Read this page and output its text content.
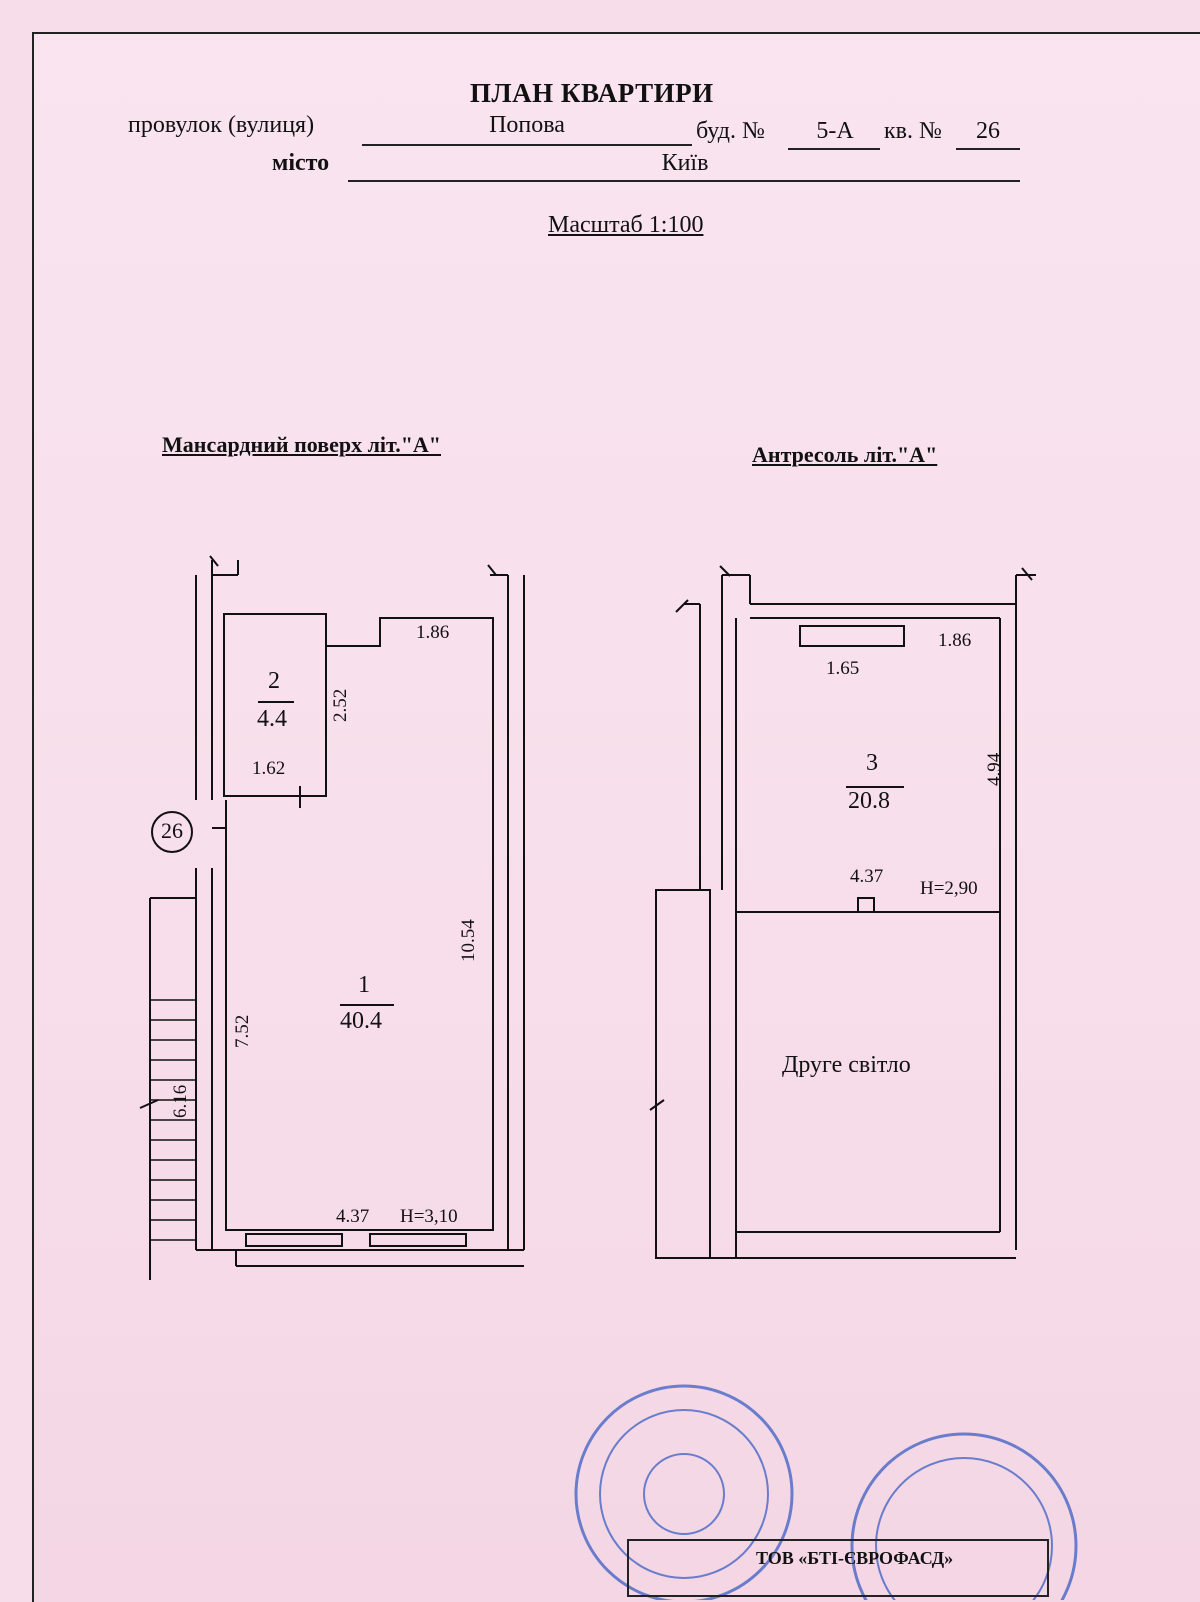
ПЛАН КВАРТИРИ
провулок (вулиця)	Попова	буд. №	5-А	кв. №	26
місто	Київ
Масштаб 1:100
Мансардний поверх літ."А"	Антресоль літ."А"
2
4.4
1.86
2.52
1.62
26
10.54
7.52
6.16
1
40.4
4.37 Н=3,10
1.65
1.86
3
20.8
4.94
4.37
Н=2,90
Друге світло
ТОВ «БТІ-ЄВРОФАСД»
